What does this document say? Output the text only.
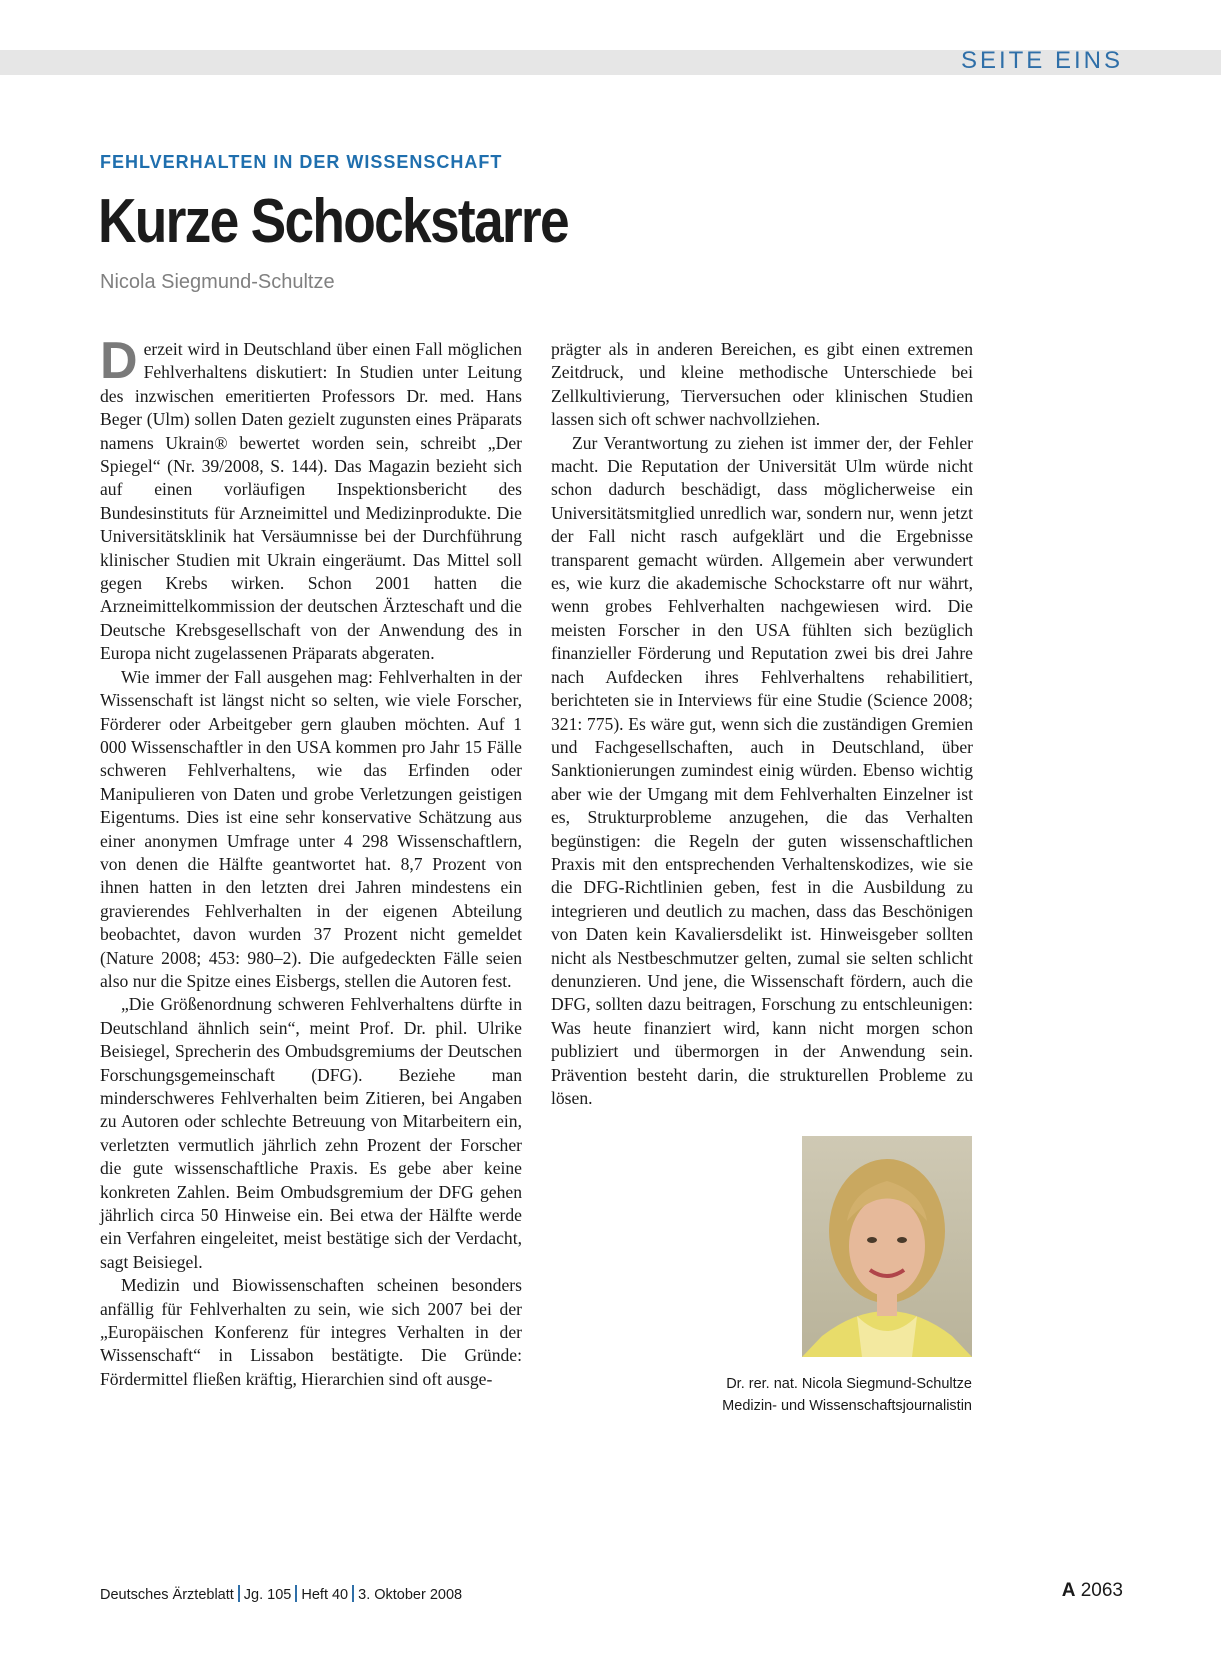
SEITE EINS
FEHLVERHALTEN IN DER WISSENSCHAFT
Kurze Schockstarre
Nicola Siegmund-Schultze

Derzeit wird in Deutschland über einen Fall möglichen Fehlverhaltens diskutiert: In Studien unter Leitung des inzwischen emeritierten Professors Dr. med. Hans Beger (Ulm) sollen Daten gezielt zugunsten eines Präparats namens Ukrain® bewertet worden sein, schreibt „Der Spiegel“ (Nr. 39/2008, S. 144). Das Magazin bezieht sich auf einen vorläufigen Inspektionsbericht des Bundesinstituts für Arzneimittel und Medizinprodukte. Die Universitätsklinik hat Versäumnisse bei der Durchführung klinischer Studien mit Ukrain eingeräumt. Das Mittel soll gegen Krebs wirken. Schon 2001 hatten die Arzneimittelkommission der deutschen Ärzteschaft und die Deutsche Krebsgesellschaft von der Anwendung des in Europa nicht zugelassenen Präparats abgeraten.

Wie immer der Fall ausgehen mag: Fehlverhalten in der Wissenschaft ist längst nicht so selten, wie viele Forscher, Förderer oder Arbeitgeber gern glauben möchten. Auf 1 000 Wissenschaftler in den USA kommen pro Jahr 15 Fälle schweren Fehlverhaltens, wie das Erfinden oder Manipulieren von Daten und grobe Verletzungen geistigen Eigentums. Dies ist eine sehr konservative Schätzung aus einer anonymen Umfrage unter 4 298 Wissenschaftlern, von denen die Hälfte geantwortet hat. 8,7 Prozent von ihnen hatten in den letzten drei Jahren mindestens ein gravierendes Fehlverhalten in der eigenen Abteilung beobachtet, davon wurden 37 Prozent nicht gemeldet (Nature 2008; 453: 980–2). Die aufgedeckten Fälle seien also nur die Spitze eines Eisbergs, stellen die Autoren fest.

„Die Größenordnung schweren Fehlverhaltens dürfte in Deutschland ähnlich sein“, meint Prof. Dr. phil. Ulrike Beisiegel, Sprecherin des Ombudsgremiums der Deutschen Forschungsgemeinschaft (DFG). Beziehe man minderschweres Fehlverhalten beim Zitieren, bei Angaben zu Autoren oder schlechte Betreuung von Mitarbeitern ein, verletzten vermutlich jährlich zehn Prozent der Forscher die gute wissenschaftliche Praxis. Es gebe aber keine konkreten Zahlen. Beim Ombudsgremium der DFG gehen jährlich circa 50 Hinweise ein. Bei etwa der Hälfte werde ein Verfahren eingeleitet, meist bestätige sich der Verdacht, sagt Beisiegel.

Medizin und Biowissenschaften scheinen besonders anfällig für Fehlverhalten zu sein, wie sich 2007 bei der „Europäischen Konferenz für integres Verhalten in der Wissenschaft“ in Lissabon bestätigte. Die Gründe: Fördermittel fließen kräftig, Hierarchien sind oft ausge-

prägter als in anderen Bereichen, es gibt einen extremen Zeitdruck, und kleine methodische Unterschiede bei Zellkultivierung, Tierversuchen oder klinischen Studien lassen sich oft schwer nachvollziehen.

Zur Verantwortung zu ziehen ist immer der, der Fehler macht. Die Reputation der Universität Ulm würde nicht schon dadurch beschädigt, dass möglicherweise ein Universitätsmitglied unredlich war, sondern nur, wenn jetzt der Fall nicht rasch aufgeklärt und die Ergebnisse transparent gemacht würden. Allgemein aber verwundert es, wie kurz die akademische Schockstarre oft nur währt, wenn grobes Fehlverhalten nachgewiesen wird. Die meisten Forscher in den USA fühlten sich bezüglich finanzieller Förderung und Reputation zwei bis drei Jahre nach Aufdecken ihres Fehlverhaltens rehabilitiert, berichteten sie in Interviews für eine Studie (Science 2008; 321: 775). Es wäre gut, wenn sich die zuständigen Gremien und Fachgesellschaften, auch in Deutschland, über Sanktionierungen zumindest einig würden. Ebenso wichtig aber wie der Umgang mit dem Fehlverhalten Einzelner ist es, Strukturprobleme anzugehen, die das Verhalten begünstigen: die Regeln der guten wissenschaftlichen Praxis mit den entsprechenden Verhaltenskodizes, wie sie die DFG-Richtlinien geben, fest in die Ausbildung zu integrieren und deutlich zu machen, dass das Beschönigen von Daten kein Kavaliersdelikt ist. Hinweisgeber sollten nicht als Nestbeschmutzer gelten, zumal sie selten schlicht denunzieren. Und jene, die Wissenschaft fördern, auch die DFG, sollten dazu beitragen, Forschung zu entschleunigen: Was heute finanziert wird, kann nicht morgen schon publiziert und übermorgen in der Anwendung sein. Prävention besteht darin, die strukturellen Probleme zu lösen.

Dr. rer. nat. Nicola Siegmund-Schultze
Medizin- und Wissenschaftsjournalistin
Deutsches Ärzteblatt Jg. 105 Heft 40 3. Oktober 2008	A 2063
